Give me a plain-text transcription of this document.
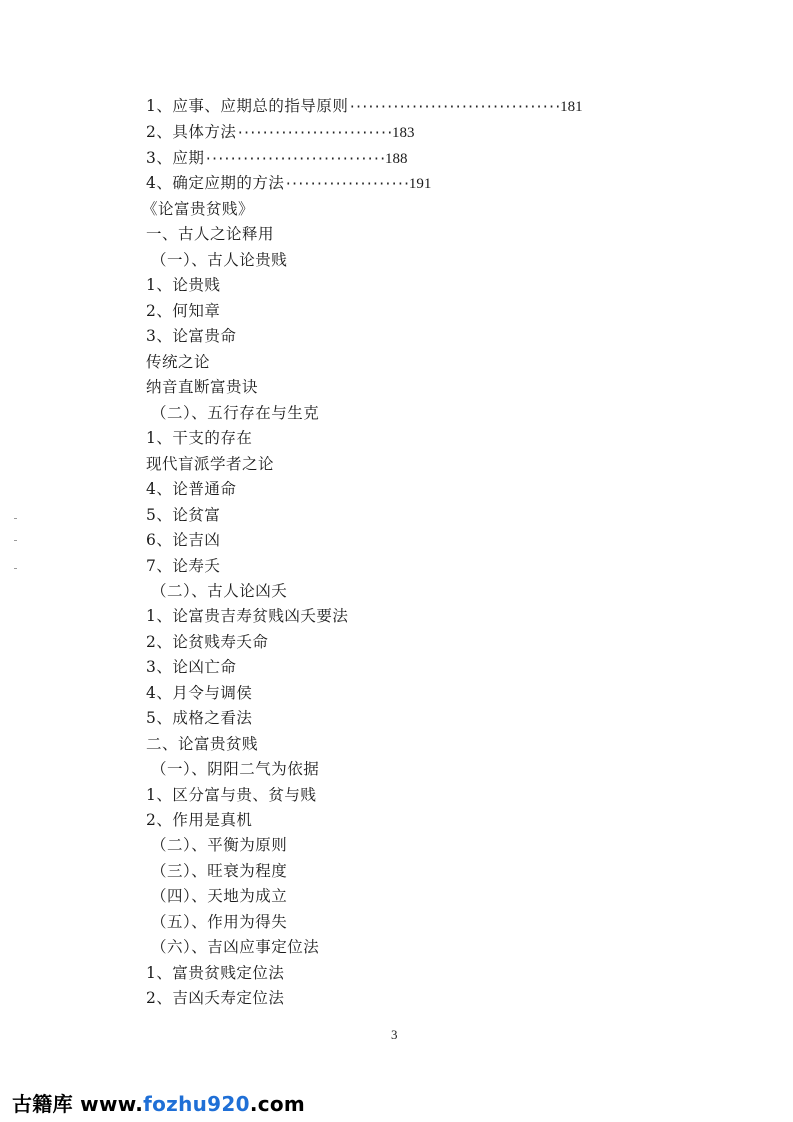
1、应事、应期总的指导原则··································181
2、具体方法·························183
3、应期·····························188
4、确定应期的方法····················191
《论富贵贫贱》
一、古人之论释用
（一）、古人论贵贱
1、论贵贱
2、何知章
3、论富贵命
传统之论
纳音直断富贵诀
（二）、五行存在与生克
1、干支的存在
现代盲派学者之论
4、论普通命
5、论贫富
6、论吉凶
7、论寿夭
（二）、古人论凶夭
1、论富贵吉寿贫贱凶夭要法
2、论贫贱寿夭命
3、论凶亡命
4、月令与调侯
5、成格之看法
二、论富贵贫贱
（一）、阴阳二气为依据
1、区分富与贵、贫与贱
2、作用是真机
（二）、平衡为原则
（三）、旺衰为程度
（四）、天地为成立
（五）、作用为得失
（六）、吉凶应事定位法
1、富贵贫贱定位法
2、吉凶夭寿定位法
3
古籍库 www.fozhu920.com
